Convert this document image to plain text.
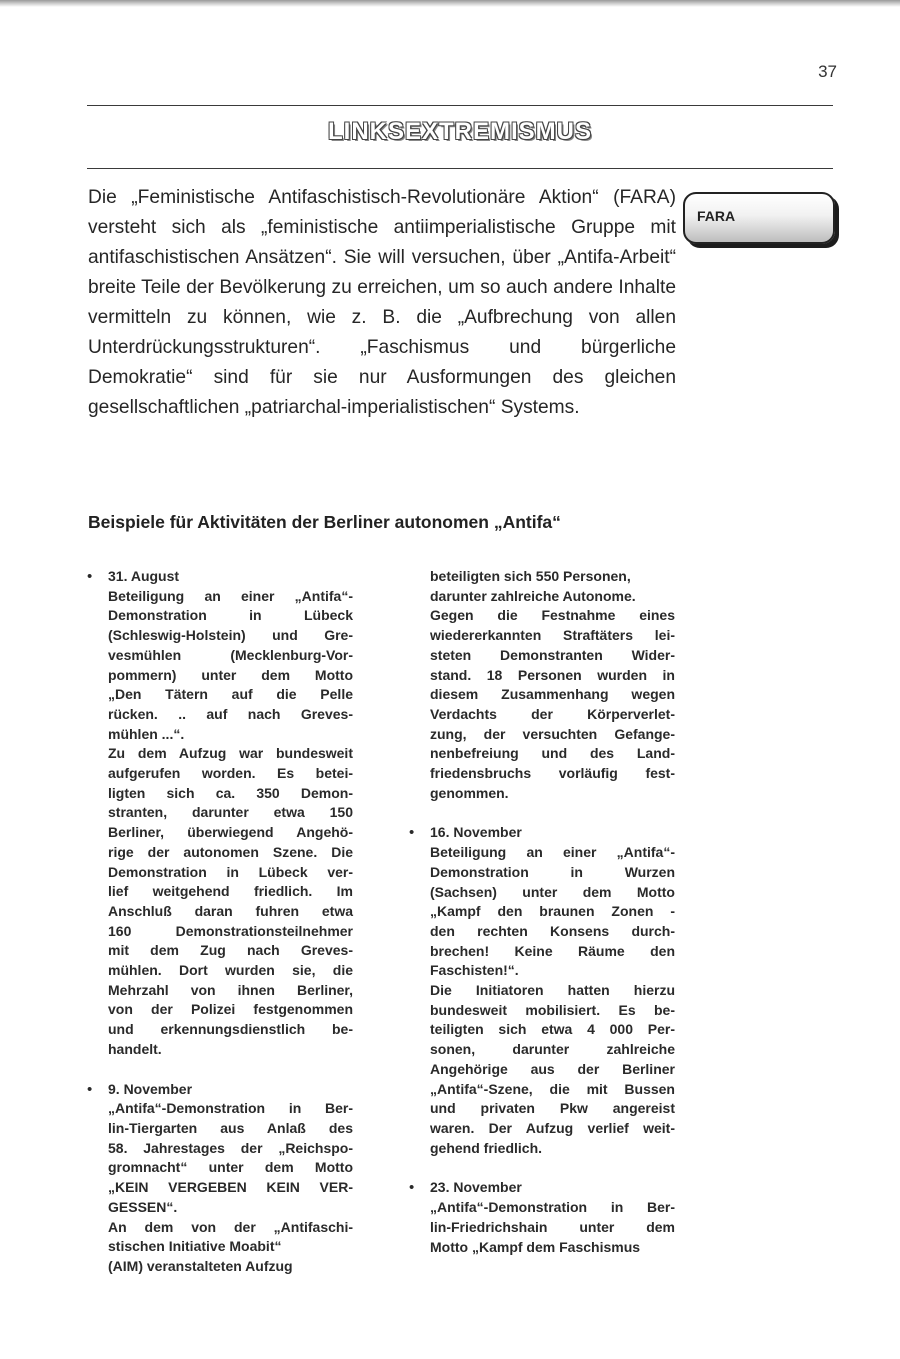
37
LINKSEXTREMISMUS

Die „Feministische Antifaschistisch-Revolutionäre Aktion“ (FARA) versteht sich als „feministische antiimperialistische Gruppe mit antifaschistischen Ansätzen“. Sie will versuchen, über „Antifa-Arbeit“ breite Teile der Bevölkerung zu erreichen, um so auch andere Inhalte vermitteln zu können, wie z. B. die „Aufbrechung von allen Unterdrückungsstrukturen“. „Faschismus und bürgerliche Demokratie“ sind für sie nur Ausformungen des gleichen gesellschaftlichen „patriarchal-imperialistischen“ Systems.

FARA
Beispiele für Aktivitäten der Berliner autonomen „Antifa“
• 31. August
Beteiligung an einer „Antifa“-
Demonstration in Lübeck
(Schleswig-Holstein) und Gre-
vesmühlen (Mecklenburg-Vor-
pommern) unter dem Motto
„Den Tätern auf die Pelle
rücken. .. auf nach Greves-
mühlen ...“.
Zu dem Aufzug war bundesweit
aufgerufen worden. Es betei-
ligten sich ca. 350 Demon-
stranten, darunter etwa 150
Berliner, überwiegend Angehö-
rige der autonomen Szene. Die
Demonstration in Lübeck ver-
lief weitgehend friedlich. Im
Anschluß daran fuhren etwa
160 Demonstrationsteilnehmer
mit dem Zug nach Greves-
mühlen. Dort wurden sie, die
Mehrzahl von ihnen Berliner,
von der Polizei festgenommen
und erkennungsdienstlich be-
handelt.
• 9. November
„Antifa“-Demonstration in Ber-
lin-Tiergarten aus Anlaß des
58. Jahrestages der „Reichspo-
gromnacht“ unter dem Motto
„KEIN VERGEBEN KEIN VER-
GESSEN“.
An dem von der „Antifaschi-
stischen Initiative Moabit“
(AIM) veranstalteten Aufzug
beteiligten sich 550 Personen,
darunter zahlreiche Autonome.
Gegen die Festnahme eines
wiedererkannten Straftäters lei-
steten Demonstranten Wider-
stand. 18 Personen wurden in
diesem Zusammenhang wegen
Verdachts der Körperverlet-
zung, der versuchten Gefange-
nenbefreiung und des Land-
friedensbruchs vorläufig fest-
genommen.
• 16. November
Beteiligung an einer „Antifa“-
Demonstration in Wurzen
(Sachsen) unter dem Motto
„Kampf den braunen Zonen -
den rechten Konsens durch-
brechen! Keine Räume den
Faschisten!“.
Die Initiatoren hatten hierzu
bundesweit mobilisiert. Es be-
teiligten sich etwa 4 000 Per-
sonen, darunter zahlreiche
Angehörige aus der Berliner
„Antifa“-Szene, die mit Bussen
und privaten Pkw angereist
waren. Der Aufzug verlief weit-
gehend friedlich.
• 23. November
„Antifa“-Demonstration in Ber-
lin-Friedrichshain unter dem
Motto „Kampf dem Faschismus
